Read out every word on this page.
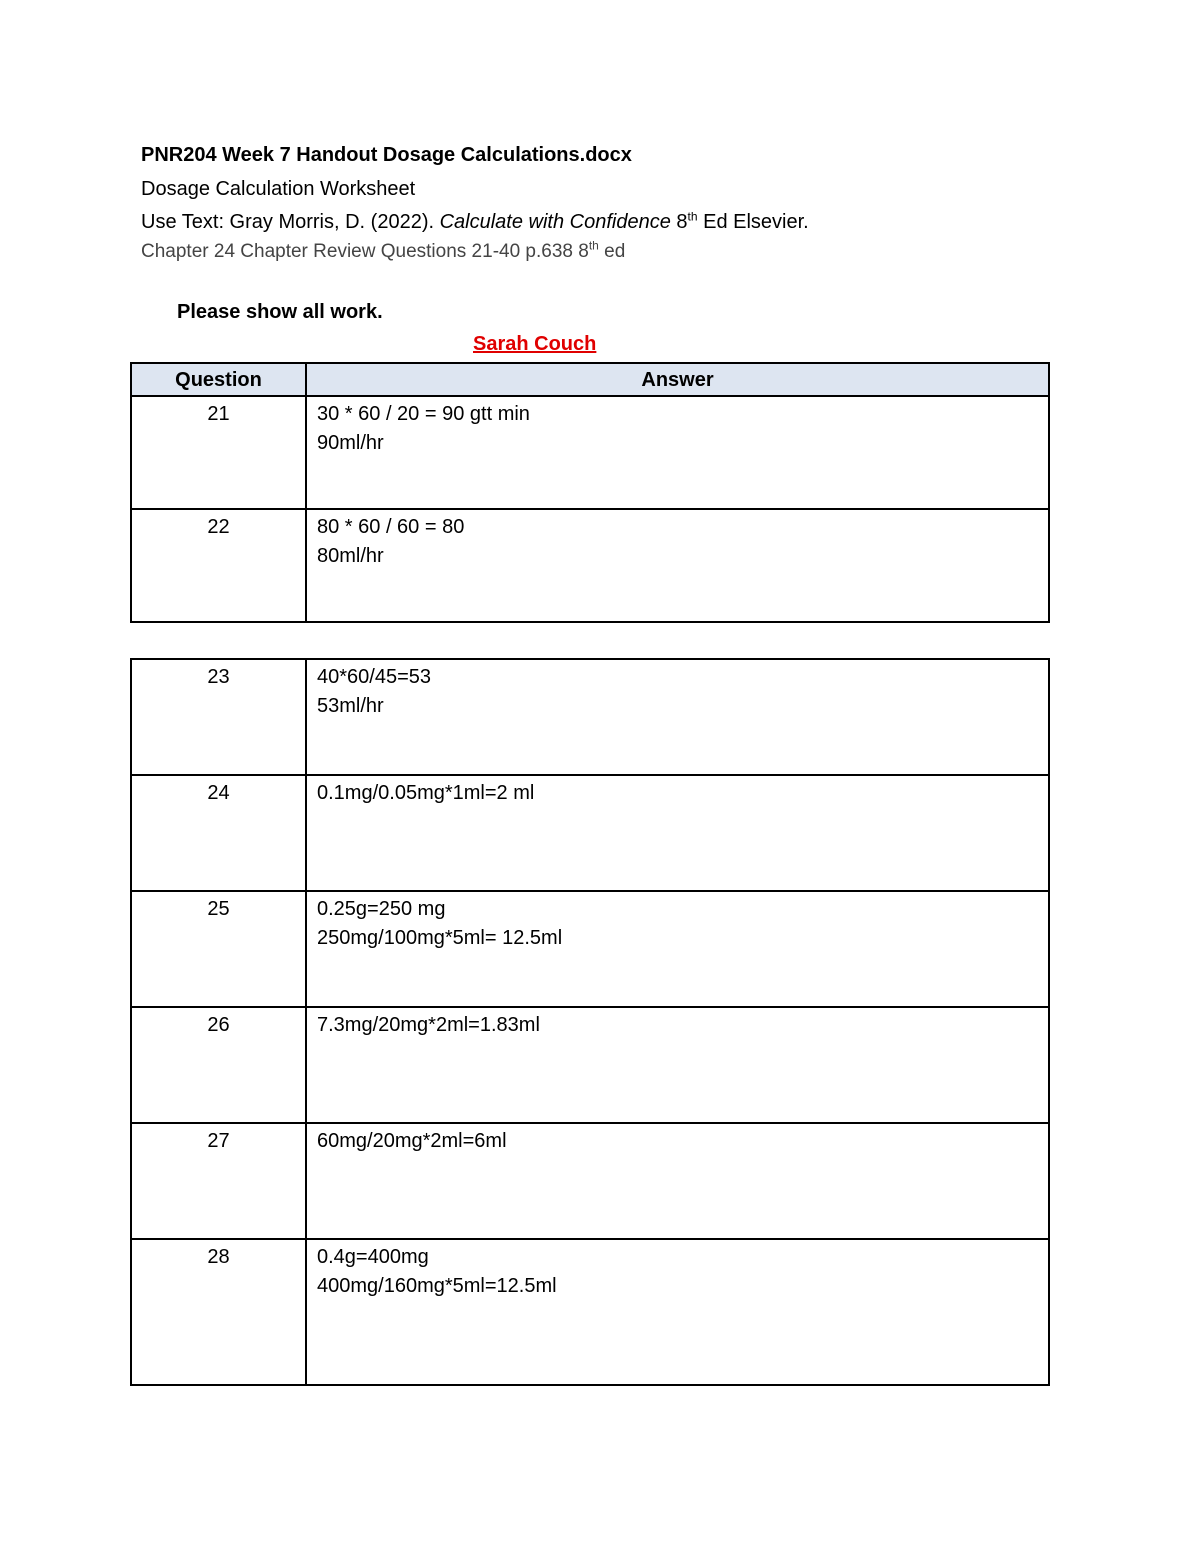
PNR204 Week 7 Handout Dosage Calculations.docx
Dosage Calculation Worksheet
Use Text: Gray Morris, D. (2022). Calculate with Confidence 8th Ed Elsevier.
Chapter 24 Chapter Review Questions 21-40 p.638 8th ed
Please show all work.
Sarah Couch
Question	Answer
21	30 * 60 / 20 = 90 gtt min
90ml/hr

22	80 * 60 / 60 = 80
80ml/hr
23	40*60/45=53
53ml/hr

24	0.1mg/0.05mg*1ml=2 ml

25	0.25g=250 mg
250mg/100mg*5ml= 12.5ml

26	7.3mg/20mg*2ml=1.83ml

27	60mg/20mg*2ml=6ml

28	0.4g=400mg
400mg/160mg*5ml=12.5ml
